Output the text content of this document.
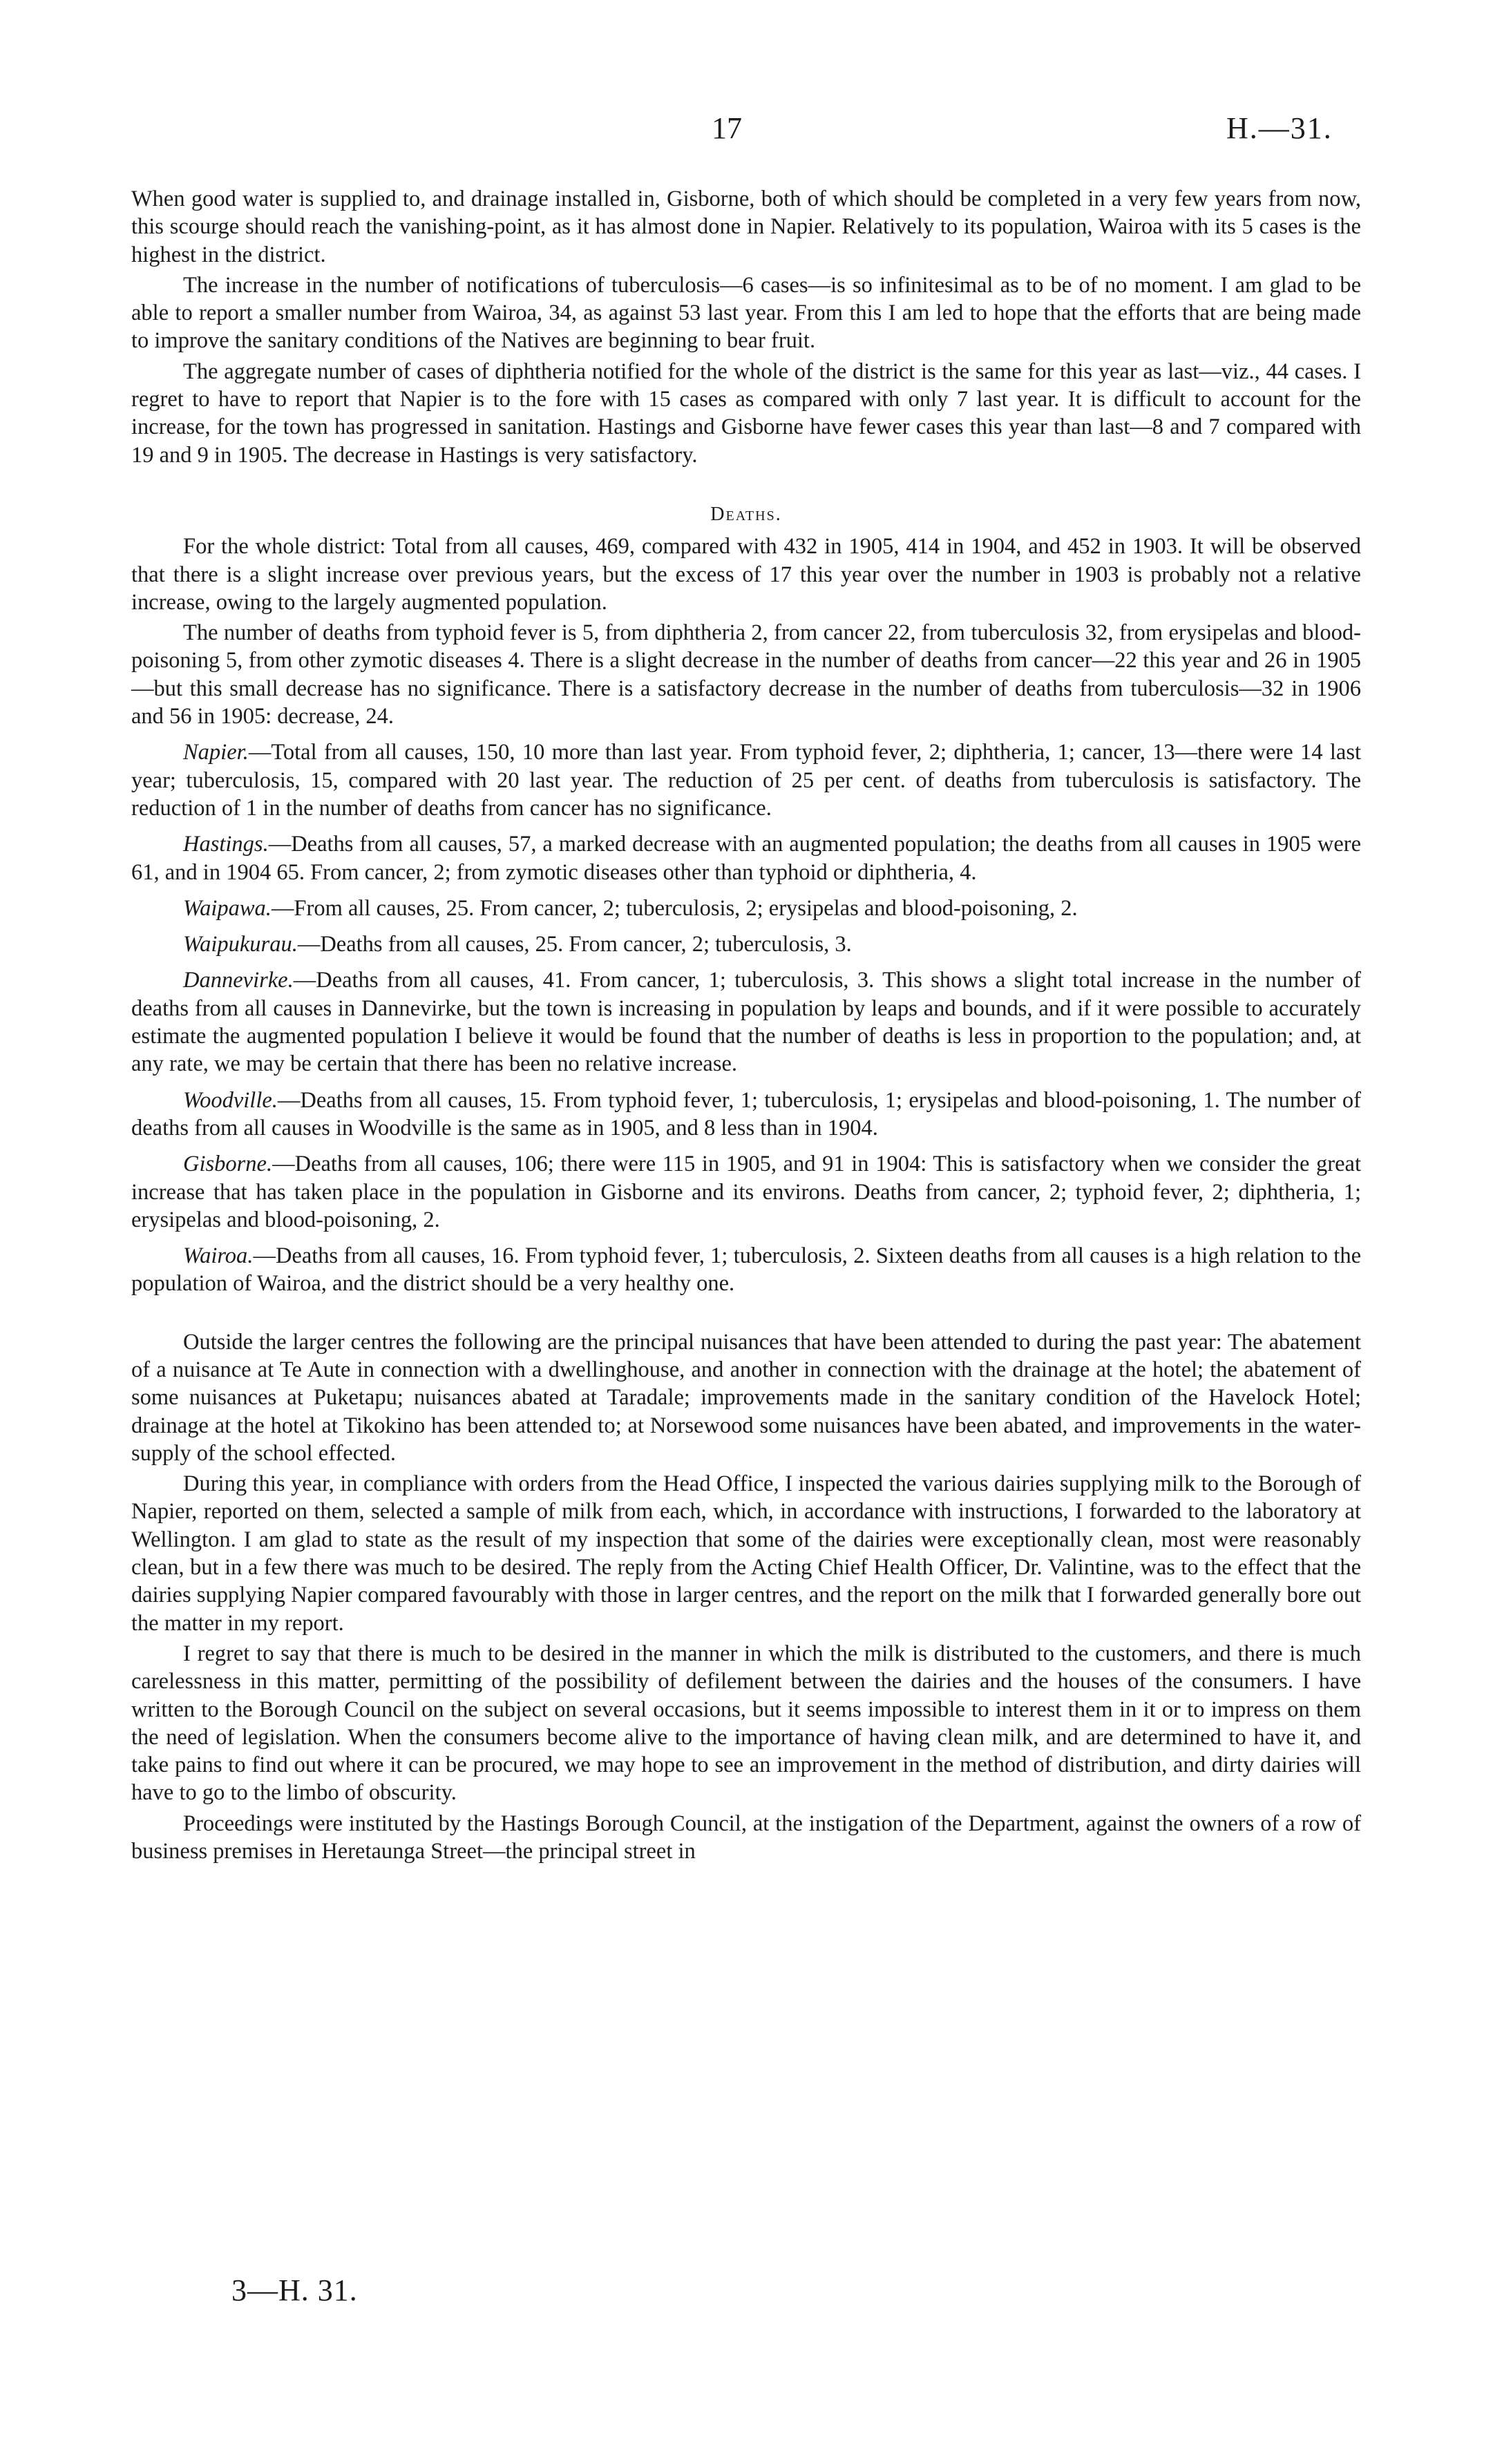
17	H.—31.

When good water is supplied to, and drainage installed in, Gisborne, both of which should be completed in a very few years from now, this scourge should reach the vanishing-point, as it has almost done in Napier. Relatively to its population, Wairoa with its 5 cases is the highest in the district.

The increase in the number of notifications of tuberculosis—6 cases—is so infinitesimal as to be of no moment. I am glad to be able to report a smaller number from Wairoa, 34, as against 53 last year. From this I am led to hope that the efforts that are being made to improve the sanitary conditions of the Natives are beginning to bear fruit.

The aggregate number of cases of diphtheria notified for the whole of the district is the same for this year as last—viz., 44 cases. I regret to have to report that Napier is to the fore with 15 cases as compared with only 7 last year. It is difficult to account for the increase, for the town has progressed in sanitation. Hastings and Gisborne have fewer cases this year than last—8 and 7 compared with 19 and 9 in 1905. The decrease in Hastings is very satisfactory.

Deaths.

For the whole district: Total from all causes, 469, compared with 432 in 1905, 414 in 1904, and 452 in 1903. It will be observed that there is a slight increase over previous years, but the excess of 17 this year over the number in 1903 is probably not a relative increase, owing to the largely augmented population.

The number of deaths from typhoid fever is 5, from diphtheria 2, from cancer 22, from tuberculosis 32, from erysipelas and blood-poisoning 5, from other zymotic diseases 4. There is a slight decrease in the number of deaths from cancer—22 this year and 26 in 1905—but this small decrease has no significance. There is a satisfactory decrease in the number of deaths from tuberculosis—32 in 1906 and 56 in 1905: decrease, 24.

Napier.—Total from all causes, 150, 10 more than last year. From typhoid fever, 2; diphtheria, 1; cancer, 13—there were 14 last year; tuberculosis, 15, compared with 20 last year. The reduction of 25 per cent. of deaths from tuberculosis is satisfactory. The reduction of 1 in the number of deaths from cancer has no significance.

Hastings.—Deaths from all causes, 57, a marked decrease with an augmented population; the deaths from all causes in 1905 were 61, and in 1904 65. From cancer, 2; from zymotic diseases other than typhoid or diphtheria, 4.

Waipawa.—From all causes, 25. From cancer, 2; tuberculosis, 2; erysipelas and blood-poisoning, 2.

Waipukurau.—Deaths from all causes, 25. From cancer, 2; tuberculosis, 3.

Dannevirke.—Deaths from all causes, 41. From cancer, 1; tuberculosis, 3. This shows a slight total increase in the number of deaths from all causes in Dannevirke, but the town is increasing in population by leaps and bounds, and if it were possible to accurately estimate the augmented population I believe it would be found that the number of deaths is less in proportion to the population; and, at any rate, we may be certain that there has been no relative increase.

Woodville.—Deaths from all causes, 15. From typhoid fever, 1; tuberculosis, 1; erysipelas and blood-poisoning, 1. The number of deaths from all causes in Woodville is the same as in 1905, and 8 less than in 1904.

Gisborne.—Deaths from all causes, 106; there were 115 in 1905, and 91 in 1904: This is satisfactory when we consider the great increase that has taken place in the population in Gisborne and its environs. Deaths from cancer, 2; typhoid fever, 2; diphtheria, 1; erysipelas and blood-poisoning, 2.

Wairoa.—Deaths from all causes, 16. From typhoid fever, 1; tuberculosis, 2. Sixteen deaths from all causes is a high relation to the population of Wairoa, and the district should be a very healthy one.

Outside the larger centres the following are the principal nuisances that have been attended to during the past year: The abatement of a nuisance at Te Aute in connection with a dwellinghouse, and another in connection with the drainage at the hotel; the abatement of some nuisances at Puketapu; nuisances abated at Taradale; improvements made in the sanitary condition of the Havelock Hotel; drainage at the hotel at Tikokino has been attended to; at Norsewood some nuisances have been abated, and improvements in the water-supply of the school effected.

During this year, in compliance with orders from the Head Office, I inspected the various dairies supplying milk to the Borough of Napier, reported on them, selected a sample of milk from each, which, in accordance with instructions, I forwarded to the laboratory at Wellington. I am glad to state as the result of my inspection that some of the dairies were exceptionally clean, most were reasonably clean, but in a few there was much to be desired. The reply from the Acting Chief Health Officer, Dr. Valintine, was to the effect that the dairies supplying Napier compared favourably with those in larger centres, and the report on the milk that I forwarded generally bore out the matter in my report.

I regret to say that there is much to be desired in the manner in which the milk is distributed to the customers, and there is much carelessness in this matter, permitting of the possibility of defilement between the dairies and the houses of the consumers. I have written to the Borough Council on the subject on several occasions, but it seems impossible to interest them in it or to impress on them the need of legislation. When the consumers become alive to the importance of having clean milk, and are determined to have it, and take pains to find out where it can be procured, we may hope to see an improvement in the method of distribution, and dirty dairies will have to go to the limbo of obscurity.

Proceedings were instituted by the Hastings Borough Council, at the instigation of the Department, against the owners of a row of business premises in Heretaunga Street—the principal street in

3—H. 31.
